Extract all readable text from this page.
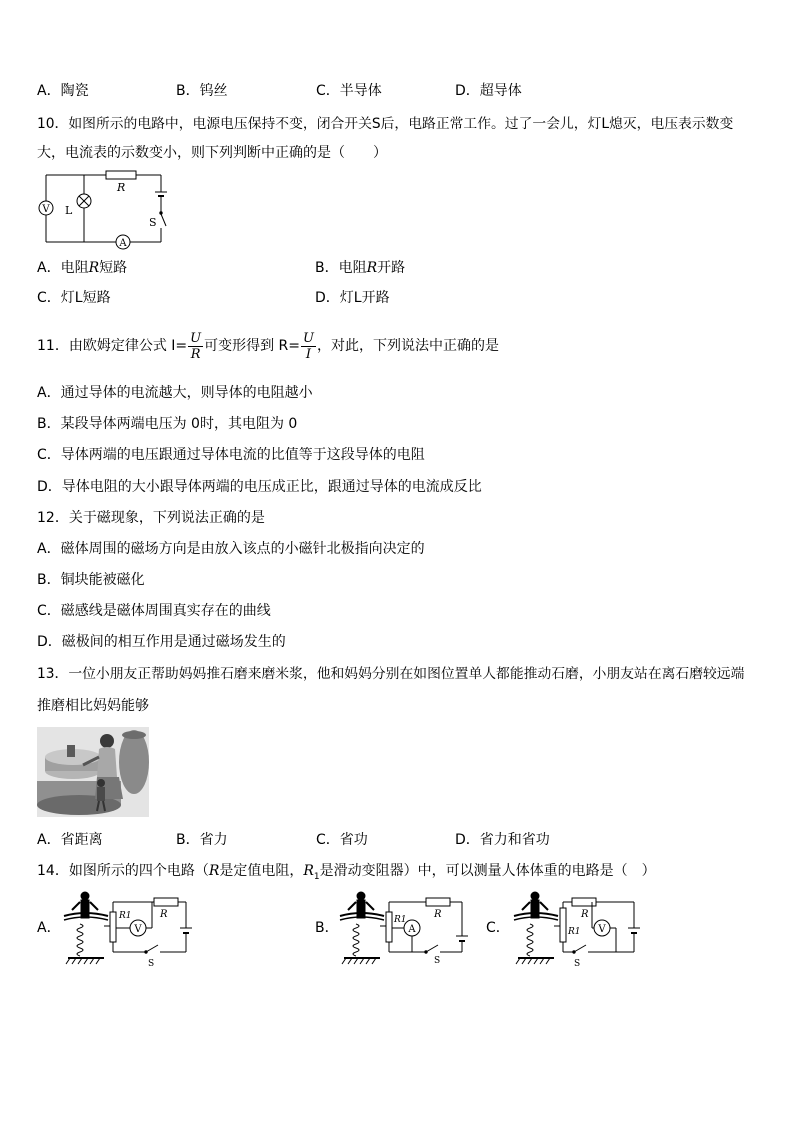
A．陶瓷	B．钨丝	C．半导体	D．超导体
10．如图所示的电路中，电源电压保持不变，闭合开关S后，电路正常工作。过了一会儿，灯L熄灭，电压表示数变
大，电流表的示数变小，则下列判断中正确的是（　　）
V L
R
S
A
A．电阻R短路	B．电阻R开路
C．灯L短路	D．灯L开路
11．由欧姆定律公式 $I= \frac{U}{R}$ 可变形得到 $R= \frac{U}{I}$ ，对此，下列说法中正确的是
A．通过导体的电流越大，则导体的电阻越小
B．某段导体两端电压为 0时，其电阻为 0
C．导体两端的电压跟通过导体电流的比值等于这段导体的电阻
D．导体电阻的大小跟导体两端的电压成正比，跟通过导体的电流成反比
12．关于磁现象，下列说法正确的是
A．磁体周围的磁场方向是由放入该点的小磁针北极指向决定的
B．铜块能被磁化
C．磁感线是磁体周围真实存在的曲线
D．磁极间的相互作用是通过磁场发生的
13．一位小朋友正帮助妈妈推石磨来磨米浆，他和妈妈分别在如图位置单人都能推动石磨，小朋友站在离石磨较远端
推磨相比妈妈能够
A．省距离	B．省力	C．省功	D．省力和省功
14．如图所示的四个电路（R是定值电阻，$R_1$是滑动变阻器）中，可以测量人体体重的电路是（　）
A．	B．	C．
R1	R
V
S
R1	R
A
S
R1
R
V
S
